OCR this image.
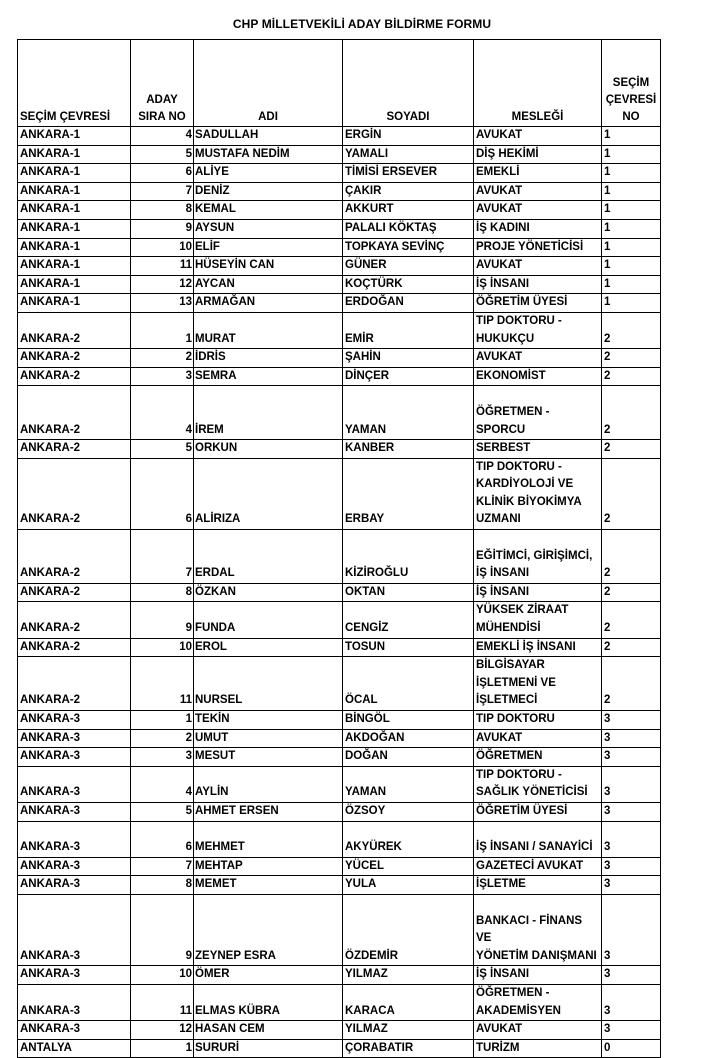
CHP MİLLETVEKİLİ ADAY BİLDİRME FORMU
SEÇİM ÇEVRESİ	ADAY
SIRA NO	ADI	SOYADI	MESLEĞİ	SEÇİM
ÇEVRESİ
NO

ANKARA-1	4	SADULLAH	ERGİN	AVUKAT	1
ANKARA-1	5	MUSTAFA NEDİM	YAMALI	DİŞ HEKİMİ	1
ANKARA-1	6	ALİYE	TİMİSİ ERSEVER	EMEKLİ	1
ANKARA-1	7	DENİZ	ÇAKIR	AVUKAT	1
ANKARA-1	8	KEMAL	AKKURT	AVUKAT	1
ANKARA-1	9	AYSUN	PALALI KÖKTAŞ	İŞ KADINI	1
ANKARA-1	10	ELİF	TOPKAYA SEVİNÇ	PROJE YÖNETİCİSİ	1
ANKARA-1	11	HÜSEYİN CAN	GÜNER	AVUKAT	1
ANKARA-1	12	AYCAN	KOÇTÜRK	İŞ İNSANI	1
ANKARA-1	13	ARMAĞAN	ERDOĞAN	ÖĞRETİM ÜYESİ	1
ANKARA-2	1	MURAT	EMİR	TIP DOKTORU -
HUKUKÇU	2
ANKARA-2	2	İDRİS	ŞAHİN	AVUKAT	2
ANKARA-2	3	SEMRA	DİNÇER	EKONOMİST	2
ANKARA-2	4	İREM	YAMAN	ÖĞRETMEN - SPORCU	2
ANKARA-2	5	ORKUN	KANBER	SERBEST	2
ANKARA-2	6	ALİRIZA	ERBAY	TIP DOKTORU -
KARDİYOLOJİ VE
KLİNİK BİYOKİMYA
UZMANI	2
ANKARA-2	7	ERDAL	KİZİROĞLU	EĞİTİMCİ, GİRİŞİMCİ,
İŞ İNSANI	2
ANKARA-2	8	ÖZKAN	OKTAN	İŞ İNSANI	2
ANKARA-2	9	FUNDA	CENGİZ	YÜKSEK ZİRAAT
MÜHENDİSİ	2
ANKARA-2	10	EROL	TOSUN	EMEKLİ İŞ İNSANI	2
ANKARA-2	11	NURSEL	ÖCAL	BİLGİSAYAR
İŞLETMENİ VE
İŞLETMECİ	2
ANKARA-3	1	TEKİN	BİNGÖL	TIP DOKTORU	3
ANKARA-3	2	UMUT	AKDOĞAN	AVUKAT	3
ANKARA-3	3	MESUT	DOĞAN	ÖĞRETMEN	3
ANKARA-3	4	AYLİN	YAMAN	TIP DOKTORU -
SAĞLIK YÖNETİCİSİ	3
ANKARA-3	5	AHMET ERSEN	ÖZSOY	ÖĞRETİM ÜYESİ	3
ANKARA-3	6	MEHMET	AKYÜREK	İŞ İNSANI / SANAYİCİ	3
ANKARA-3	7	MEHTAP	YÜCEL	GAZETECİ AVUKAT	3
ANKARA-3	8	MEMET	YULA	İŞLETME	3
ANKARA-3	9	ZEYNEP ESRA	ÖZDEMİR	BANKACI - FİNANS VE
YÖNETİM DANIŞMANI	3
ANKARA-3	10	ÖMER	YILMAZ	İŞ İNSANI	3
ANKARA-3	11	ELMAS KÜBRA	KARACA	ÖĞRETMEN -
AKADEMİSYEN	3
ANKARA-3	12	HASAN CEM	YILMAZ	AVUKAT	3
ANTALYA	1	SURURİ	ÇORABATIR	TURİZM	0
